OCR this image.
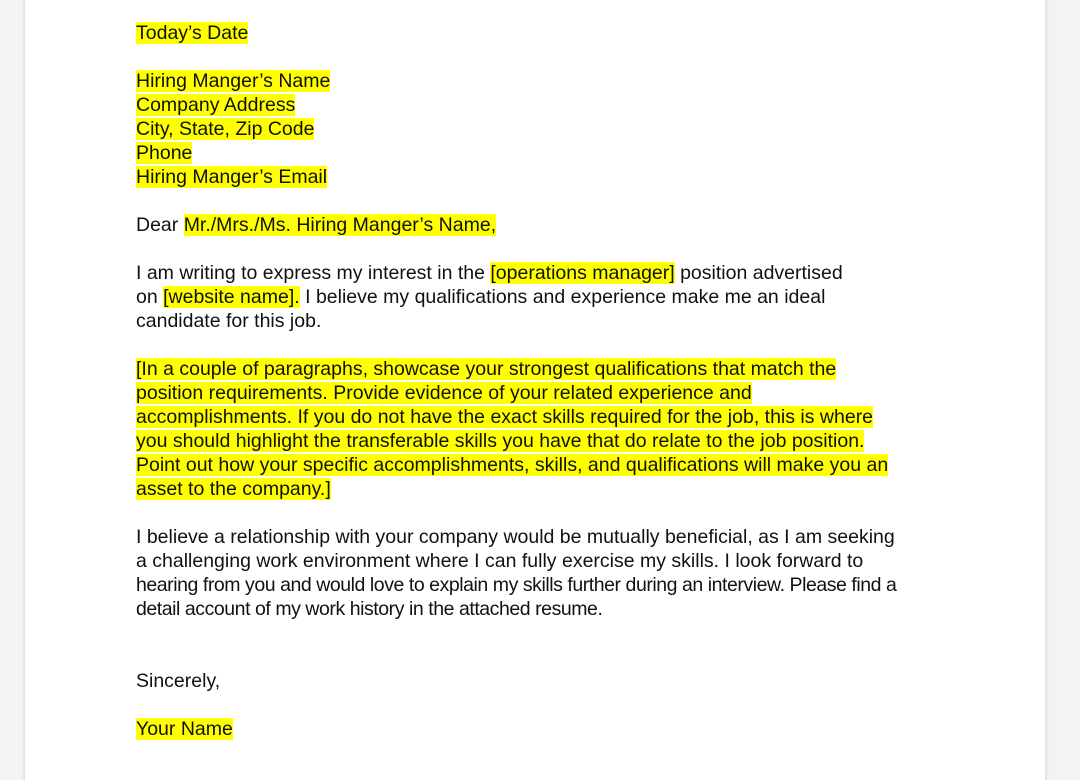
Today’s Date
Hiring Manger’s Name
Company Address
City, State, Zip Code
Phone
Hiring Manger’s Email
Dear Mr./Mrs./Ms. Hiring Manger’s Name,
I am writing to express my interest in the [operations manager] position advertised
on [website name]. I believe my qualifications and experience make me an ideal
candidate for this job.
[In a couple of paragraphs, showcase your strongest qualifications that match the
position requirements. Provide evidence of your related experience and
accomplishments. If you do not have the exact skills required for the job, this is where
you should highlight the transferable skills you have that do relate to the job position.
Point out how your specific accomplishments, skills, and qualifications will make you an
asset to the company.]
I believe a relationship with your company would be mutually beneficial, as I am seeking
a challenging work environment where I can fully exercise my skills. I look forward to
hearing from you and would love to explain my skills further during an interview. Please find a
detail account of my work history in the attached resume.
Sincerely,
Your Name
